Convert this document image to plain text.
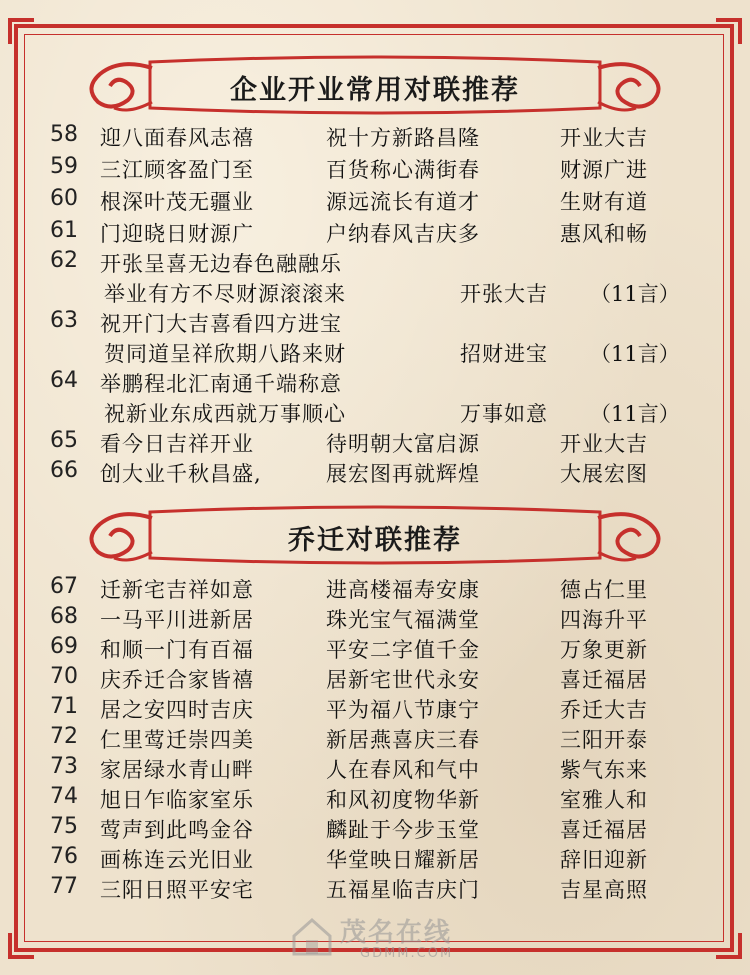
企业开业常用对联推荐
58	迎八面春风志禧	祝十方新路昌隆	开业大吉
59	三江顾客盈门至	百货称心满街春	财源广进
60	根深叶茂无疆业	源远流长有道才	生财有道
61	门迎晓日财源广	户纳春风吉庆多	惠风和畅
62	开张呈喜无边春色融融乐
举业有方不尽财源滚滚来	开张大吉 （11言）
63	祝开门大吉喜看四方进宝
贺同道呈祥欣期八路来财	招财进宝 （11言）
64	举鹏程北汇南通千端称意
祝新业东成西就万事顺心	万事如意 （11言）
65	看今日吉祥开业	待明朝大富启源	开业大吉
66	创大业千秋昌盛,	展宏图再就辉煌	大展宏图
乔迁对联推荐
67	迁新宅吉祥如意	进高楼福寿安康	德占仁里
68	一马平川进新居	珠光宝气福满堂	四海升平
69	和顺一门有百福	平安二字值千金	万象更新
70	庆乔迁合家皆禧	居新宅世代永安	喜迁福居
71	居之安四时吉庆	平为福八节康宁	乔迁大吉
72	仁里莺迁崇四美	新居燕喜庆三春	三阳开泰
73	家居绿水青山畔	人在春风和气中	紫气东来
74	旭日乍临家室乐	和风初度物华新	室雅人和
75	莺声到此鸣金谷	麟趾于今步玉堂	喜迁福居
76	画栋连云光旧业	华堂映日耀新居	辞旧迎新
77	三阳日照平安宅	五福星临吉庆门	吉星高照
茂名在线
GDMM.COM
